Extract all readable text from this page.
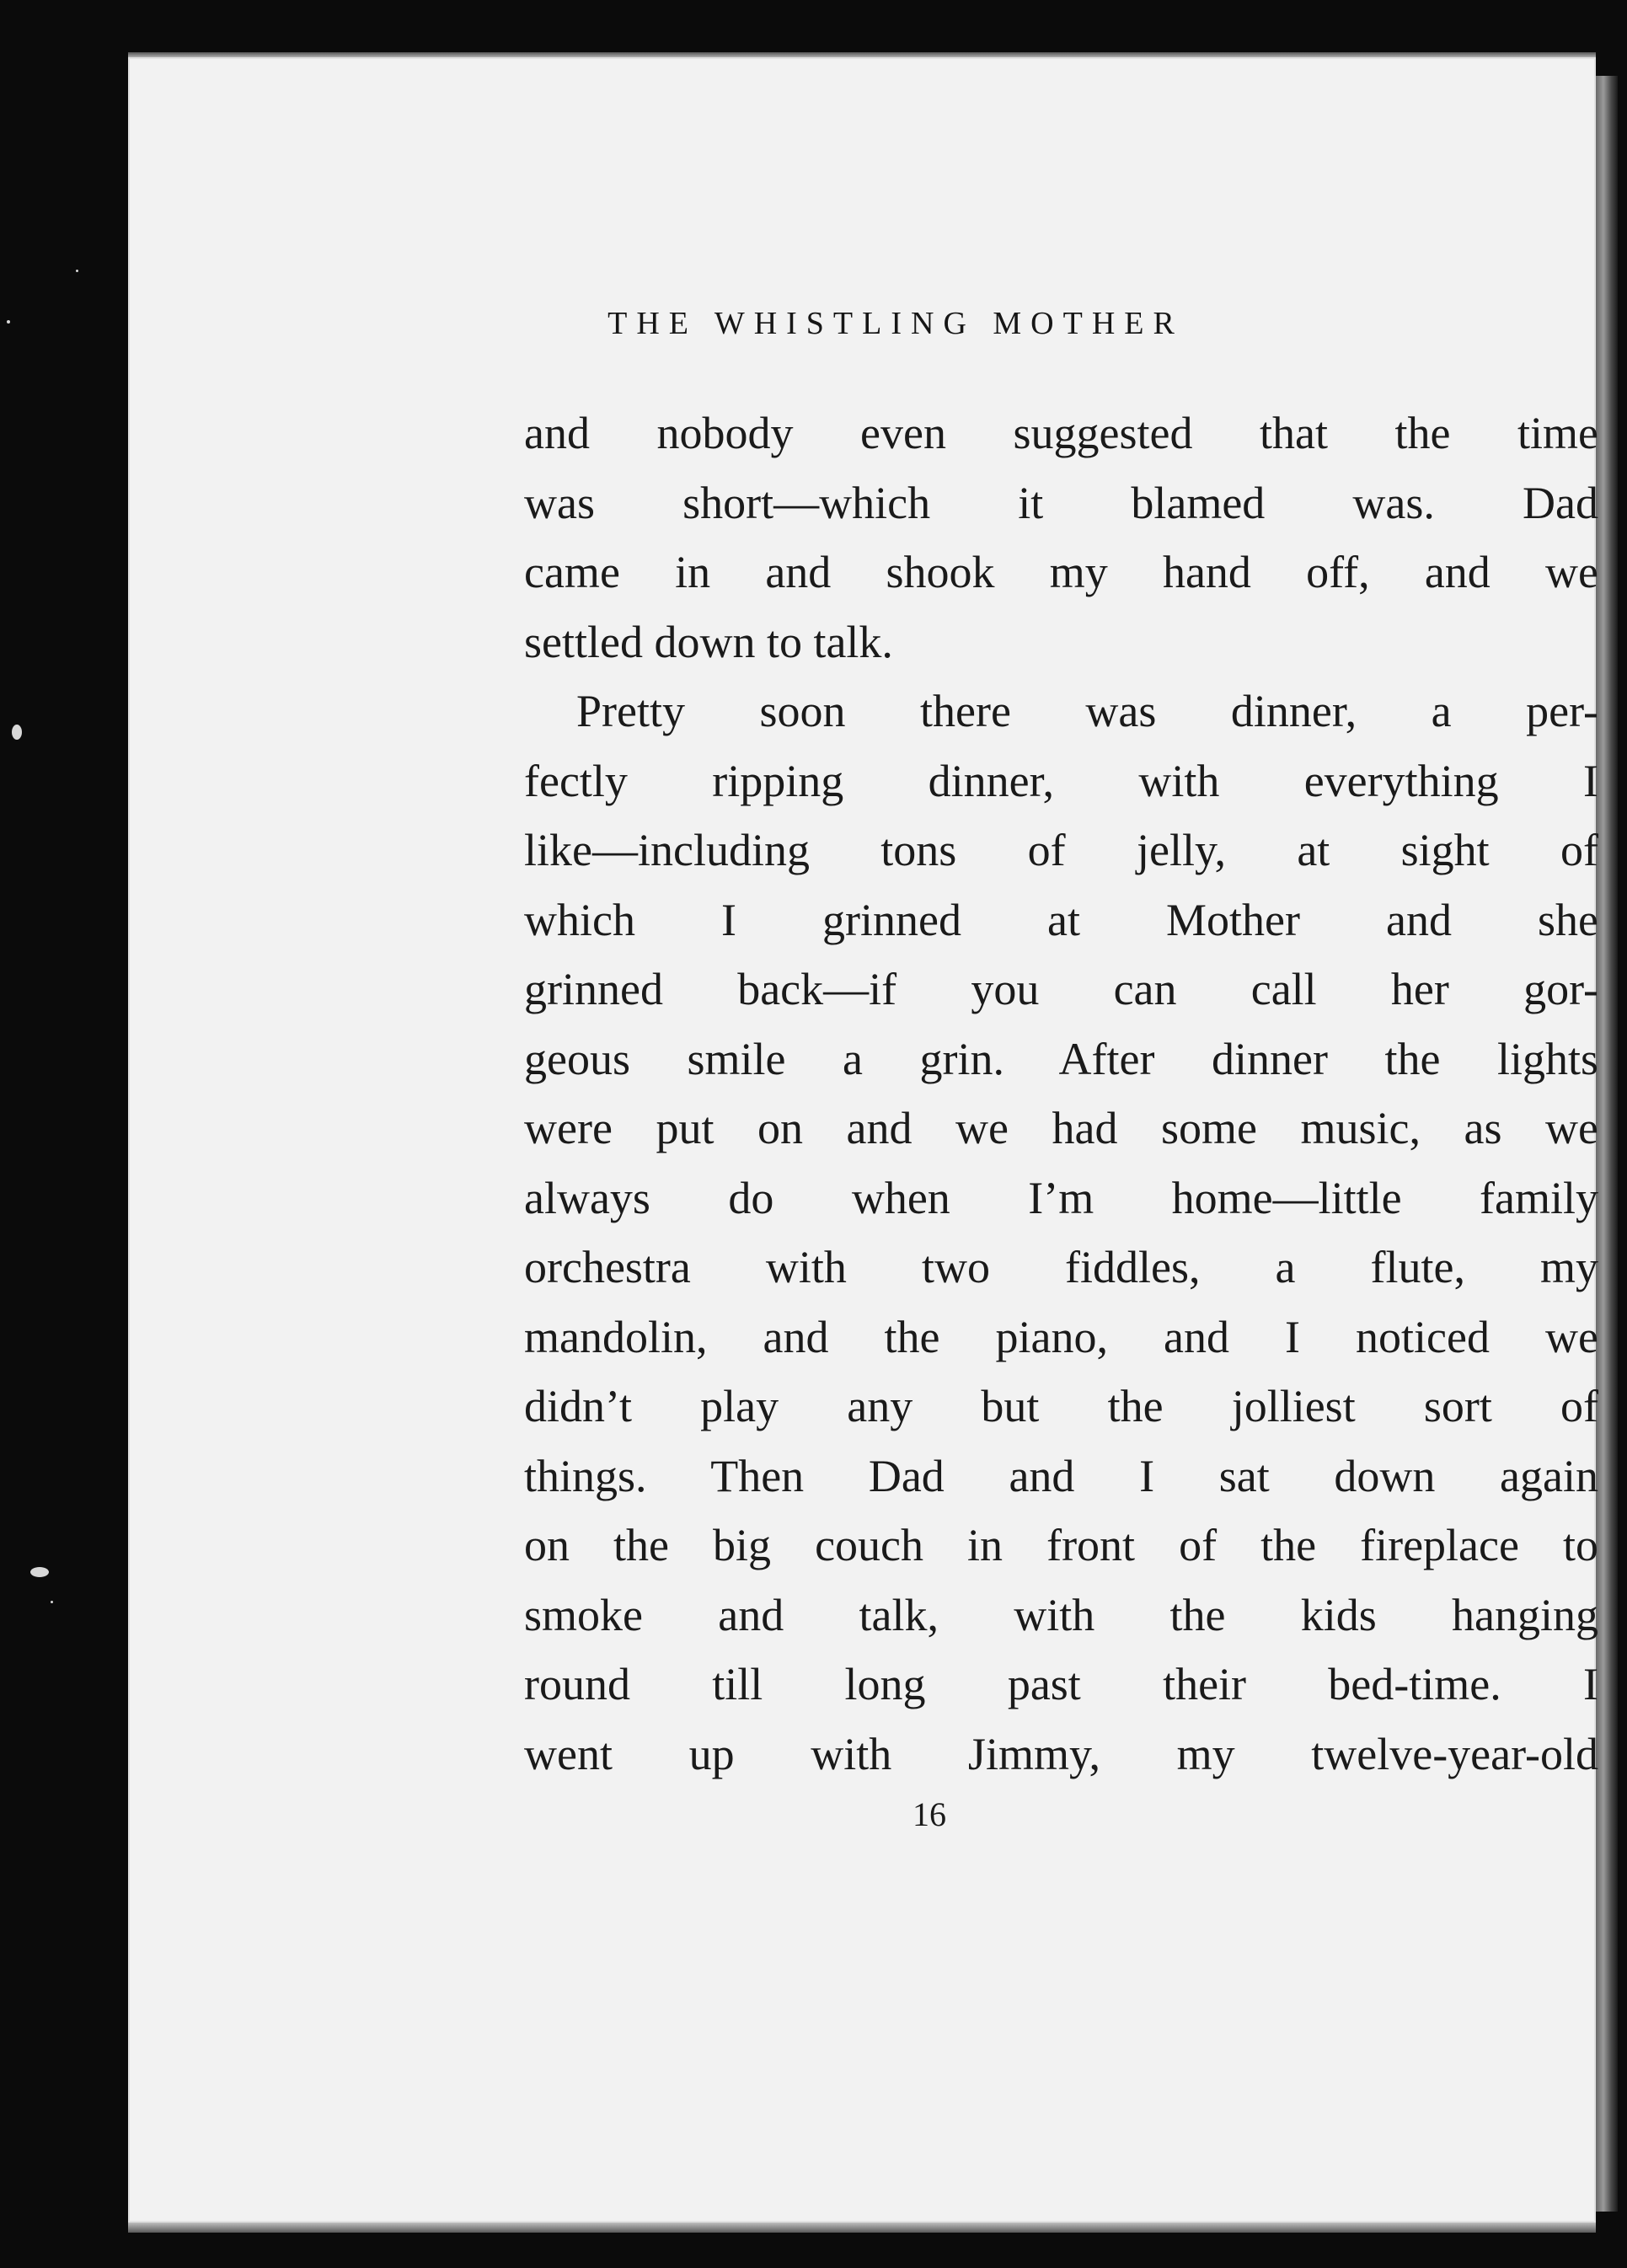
THE WHISTLING MOTHER
and nobody even suggested that the time
was short—which it blamed was. Dad
came in and shook my hand off, and we
settled down to talk.
Pretty soon there was dinner, a per-
fectly ripping dinner, with everything I
like—including tons of jelly, at sight of
which I grinned at Mother and she
grinned back—if you can call her gor-
geous smile a grin. After dinner the lights
were put on and we had some music, as we
always do when I’m home—little family
orchestra with two fiddles, a flute, my
mandolin, and the piano, and I noticed we
didn’t play any but the jolliest sort of
things. Then Dad and I sat down again
on the big couch in front of the fireplace to
smoke and talk, with the kids hanging
round till long past their bed-time. I
went up with Jimmy, my twelve-year-old
16
